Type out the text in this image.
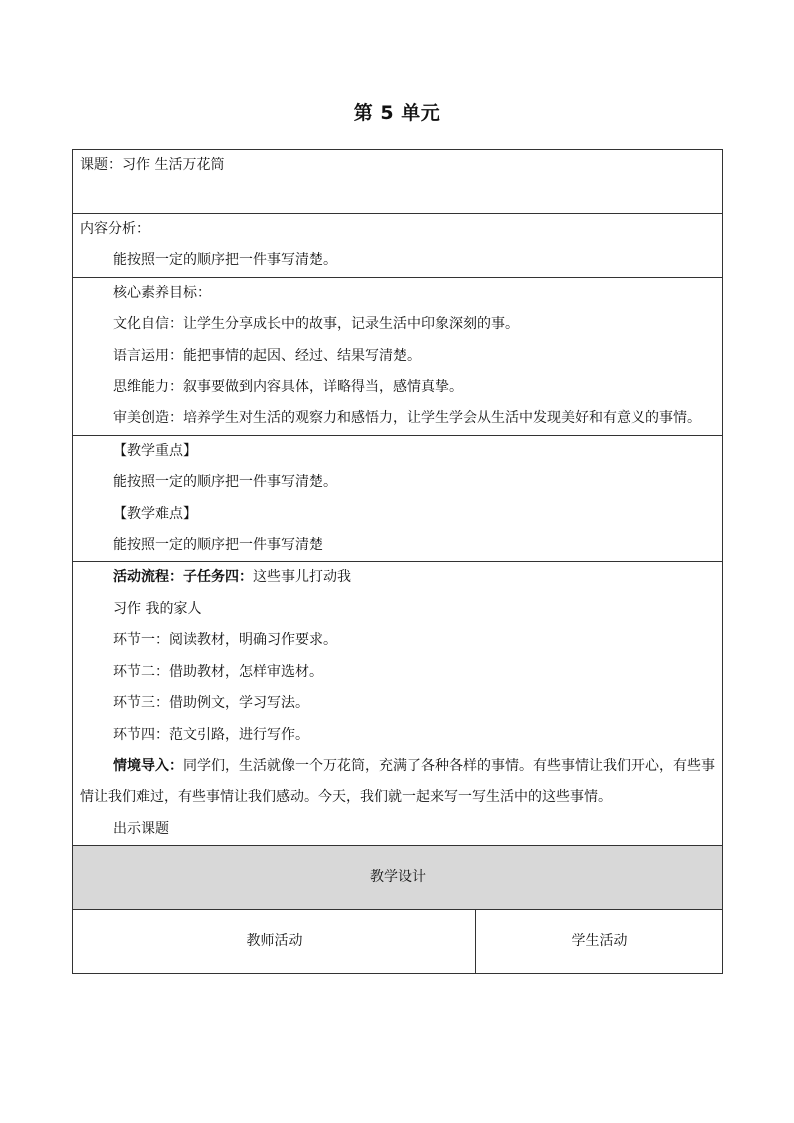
第 5 单元
课题：习作 生活万花筒

内容分析：

能按照一定的顺序把一件事写清楚。

核心素养目标：

文化自信：让学生分享成长中的故事，记录生活中印象深刻的事。

语言运用：能把事情的起因、经过、结果写清楚。

思维能力：叙事要做到内容具体，详略得当，感情真挚。

审美创造：培养学生对生活的观察力和感悟力，让学生学会从生活中发现美好和有意义的事情。

【教学重点】

能按照一定的顺序把一件事写清楚。

【教学难点】

能按照一定的顺序把一件事写清楚

活动流程：子任务四：这些事儿打动我

习作 我的家人

环节一：阅读教材，明确习作要求。

环节二：借助教材，怎样审选材。

环节三：借助例文，学习写法。

环节四：范文引路，进行写作。

情境导入：同学们，生活就像一个万花筒，充满了各种各样的事情。有些事情让我们开心，有些事情让我们难过，有些事情让我们感动。今天，我们就一起来写一写生活中的这些事情。

出示课题

教学设计
教师活动	学生活动
